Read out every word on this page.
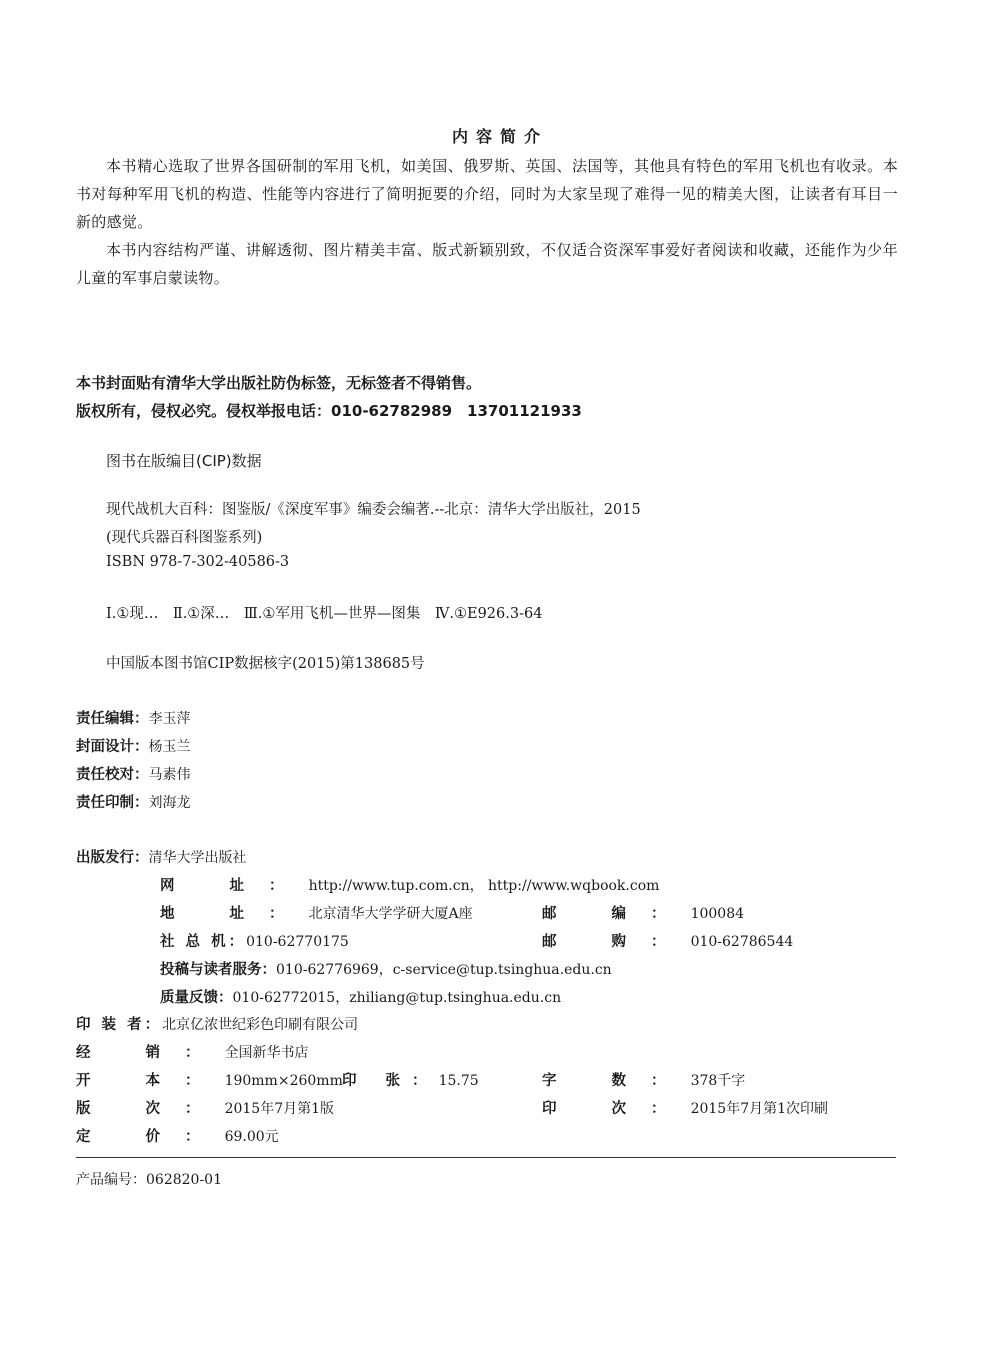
内容简介
本书精心选取了世界各国研制的军用飞机，如美国、俄罗斯、英国、法国等，其他具有特色的军用飞机也有收录。本书对每种军用飞机的构造、性能等内容进行了简明扼要的介绍，同时为大家呈现了难得一见的精美大图，让读者有耳目一新的感觉。
本书内容结构严谨、讲解透彻、图片精美丰富、版式新颖别致，不仅适合资深军事爱好者阅读和收藏，还能作为少年儿童的军事启蒙读物。
本书封面贴有清华大学出版社防伪标签，无标签者不得销售。
版权所有，侵权必究。侵权举报电话：010-62782989　13701121933
图书在版编目(CIP)数据
现代战机大百科：图鉴版/《深度军事》编委会编著.--北京：清华大学出版社，2015
(现代兵器百科图鉴系列)
ISBN 978-7-302-40586-3
Ⅰ.①现…　Ⅱ.①深…　Ⅲ.①军用飞机—世界—图集　Ⅳ.①E926.3-64
中国版本图书馆CIP数据核字(2015)第138685号
责任编辑：李玉萍
封面设计：杨玉兰
责任校对：马素伟
责任印制：刘海龙
出版发行：清华大学出版社
网 址：http://www.tup.com.cn， http://www.wqbook.com
地 址：北京清华大学学研大厦A座	邮 编：100084
社 总 机：010-62770175	邮 购：010-62786544
投稿与读者服务：010-62776969，c-service@tup.tsinghua.edu.cn
质量反馈：010-62772015，zhiliang@tup.tsinghua.edu.cn
印 装 者：北京亿浓世纪彩色印刷有限公司
经 销：全国新华书店
开 本：190mm×260mm 印 张：15.75	字 数：378千字
版 次：2015年7月第1版	印 次：2015年7月第1次印刷
定 价：69.00元
产品编号：062820-01
